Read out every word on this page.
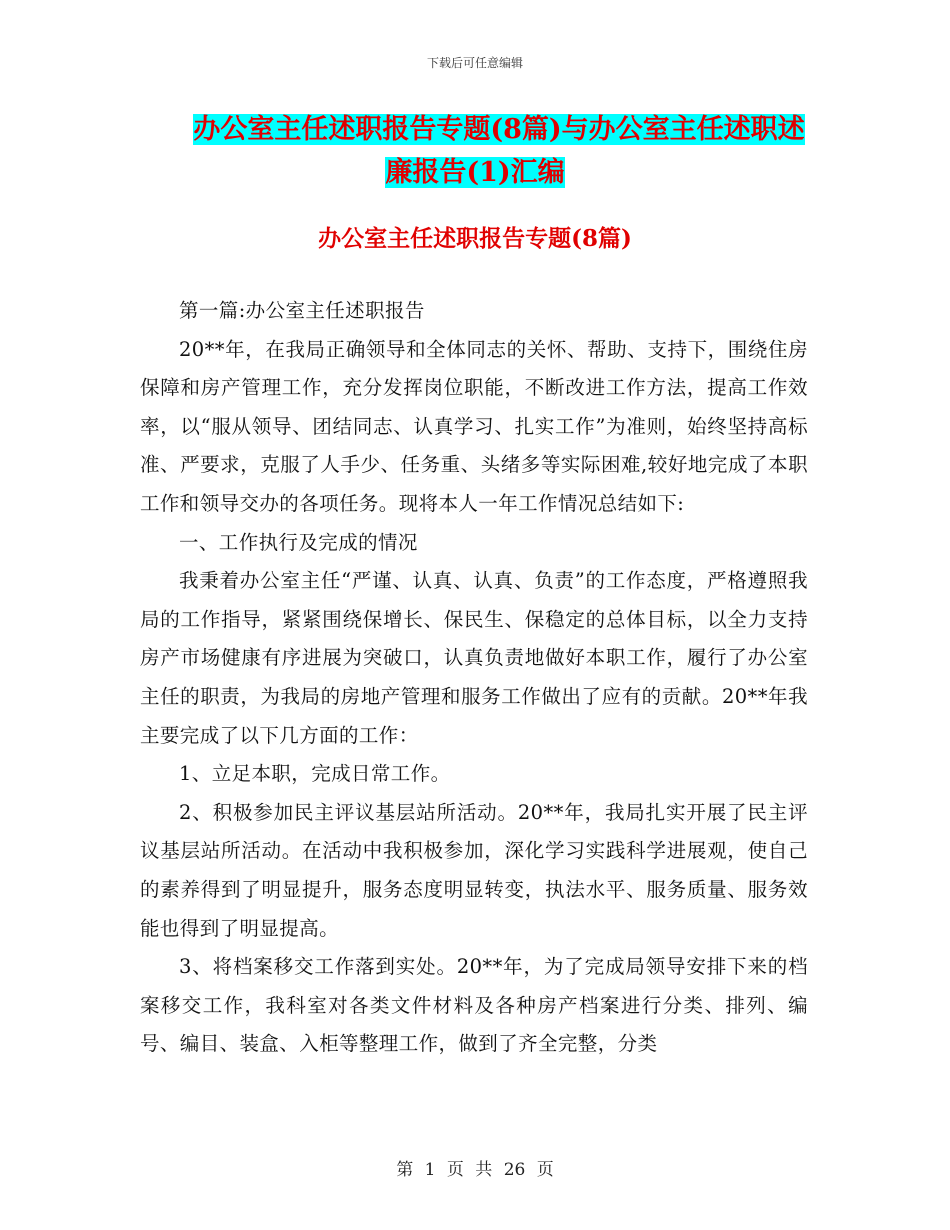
下载后可任意编辑
办公室主任述职报告专题(8篇)与办公室主任述职述
廉报告(1)汇编
办公室主任述职报告专题(8篇)

第一篇:办公室主任述职报告

20**年，在我局正确领导和全体同志的关怀、帮助、支持下，围绕住房保障和房产管理工作，充分发挥岗位职能，不断改进工作方法，提高工作效率，以“服从领导、团结同志、认真学习、扎实工作”为准则，始终坚持高标准、严要求，克服了人手少、任务重、头绪多等实际困难,较好地完成了本职工作和领导交办的各项任务。现将本人一年工作情况总结如下:

一、工作执行及完成的情况

我秉着办公室主任“严谨、认真、认真、负责”的工作态度，严格遵照我局的工作指导，紧紧围绕保增长、保民生、保稳定的总体目标，以全力支持房产市场健康有序进展为突破口，认真负责地做好本职工作，履行了办公室主任的职责，为我局的房地产管理和服务工作做出了应有的贡献。20**年我主要完成了以下几方面的工作：

1、立足本职，完成日常工作。

2、积极参加民主评议基层站所活动。20**年，我局扎实开展了民主评议基层站所活动。在活动中我积极参加，深化学习实践科学进展观，使自己的素养得到了明显提升，服务态度明显转变，执法水平、服务质量、服务效能也得到了明显提高。

3、将档案移交工作落到实处。20**年，为了完成局领导安排下来的档案移交工作，我科室对各类文件材料及各种房产档案进行分类、排列、编号、编目、装盒、入柜等整理工作，做到了齐全完整，分类

第 1 页 共 26 页
